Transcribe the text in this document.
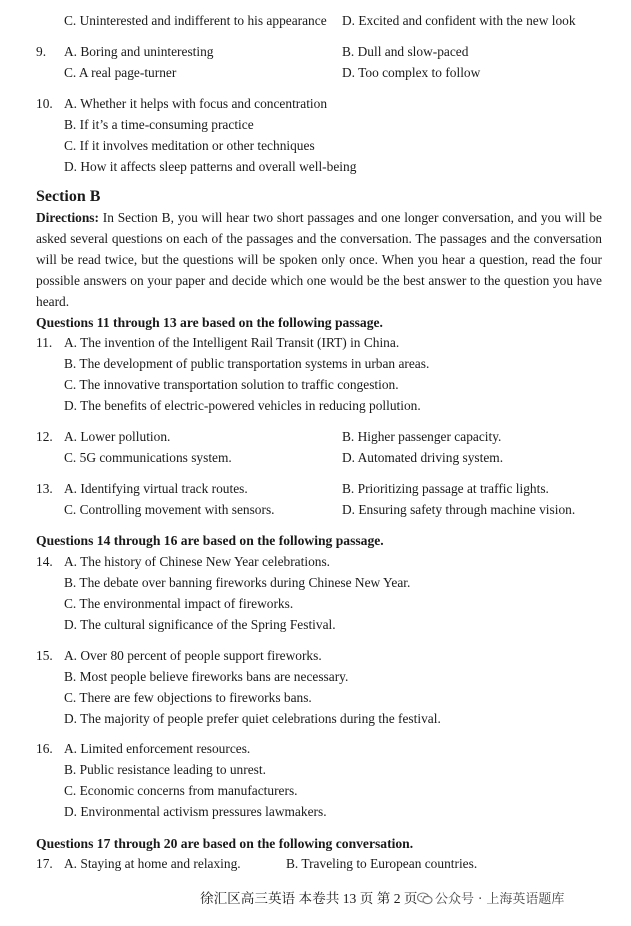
C. Uninterested and indifferent to his appearance D. Excited and confident with the new look
9. A. Boring and uninteresting	B. Dull and slow-paced
C. A real page-turner	D. Too complex to follow
10. A. Whether it helps with focus and concentration
B. If it’s a time-consuming practice
C. If it involves meditation or other techniques
D. How it affects sleep patterns and overall well-being
Section B
Directions: In Section B, you will hear two short passages and one longer conversation, and you will be asked several questions on each of the passages and the conversation. The passages and the conversation will be read twice, but the questions will be spoken only once. When you hear a question, read the four possible answers on your paper and decide which one would be the best answer to the question you have heard.
Questions 11 through 13 are based on the following passage.
11. A. The invention of the Intelligent Rail Transit (IRT) in China.
B. The development of public transportation systems in urban areas.
C. The innovative transportation solution to traffic congestion.
D. The benefits of electric-powered vehicles in reducing pollution.
12. A. Lower pollution.	B. Higher passenger capacity.
C. 5G communications system.	D. Automated driving system.
13. A. Identifying virtual track routes.	B. Prioritizing passage at traffic lights.
C. Controlling movement with sensors.	D. Ensuring safety through machine vision.
Questions 14 through 16 are based on the following passage.
14. A. The history of Chinese New Year celebrations.
B. The debate over banning fireworks during Chinese New Year.
C. The environmental impact of fireworks.
D. The cultural significance of the Spring Festival.
15. A. Over 80 percent of people support fireworks.
B. Most people believe fireworks bans are necessary.
C. There are few objections to fireworks bans.
D. The majority of people prefer quiet celebrations during the festival.
16. A. Limited enforcement resources.
B. Public resistance leading to unrest.
C. Economic concerns from manufacturers.
D. Environmental activism pressures lawmakers.
Questions 17 through 20 are based on the following conversation.
17. A. Staying at home and relaxing.	B. Traveling to European countries.
徐汇区高三英语 本卷共 13 页 第 2 页 公众号 · 上海英语题库
